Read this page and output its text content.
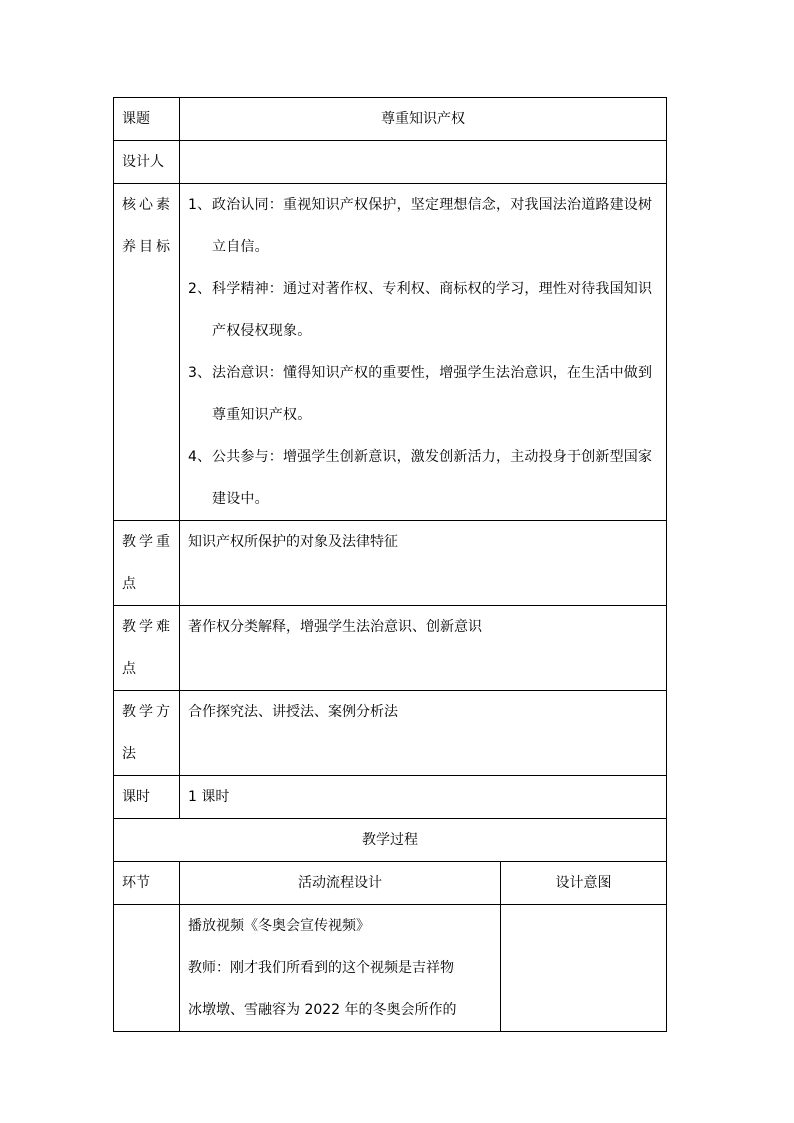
课题	尊重知识产权	
设计人		
核心素养目标	1、政治认同：重视知识产权保护，坚定理想信念，对我国法治道路建设树立自信。
2、科学精神：通过对著作权、专利权、商标权的学习，理性对待我国知识产权侵权现象。
3、法治意识：懂得知识产权的重要性，增强学生法治意识，在生活中做到尊重知识产权。
4、公共参与：增强学生创新意识，激发创新活力，主动投身于创新型国家建设中。	

教学重点	知识产权所保护的对象及法律特征	
教学难点	著作权分类解释，增强学生法治意识、创新意识	
教学方法	合作探究法、讲授法、案例分析法	
课时	1 课时	
教学过程		
环节	活动流程设计	设计意图

	播放视频《冬奥会宣传视频》
教师：刚才我们所看到的这个视频是吉祥物
冰墩墩、雪融容为 2022 年的冬奥会所作的	
